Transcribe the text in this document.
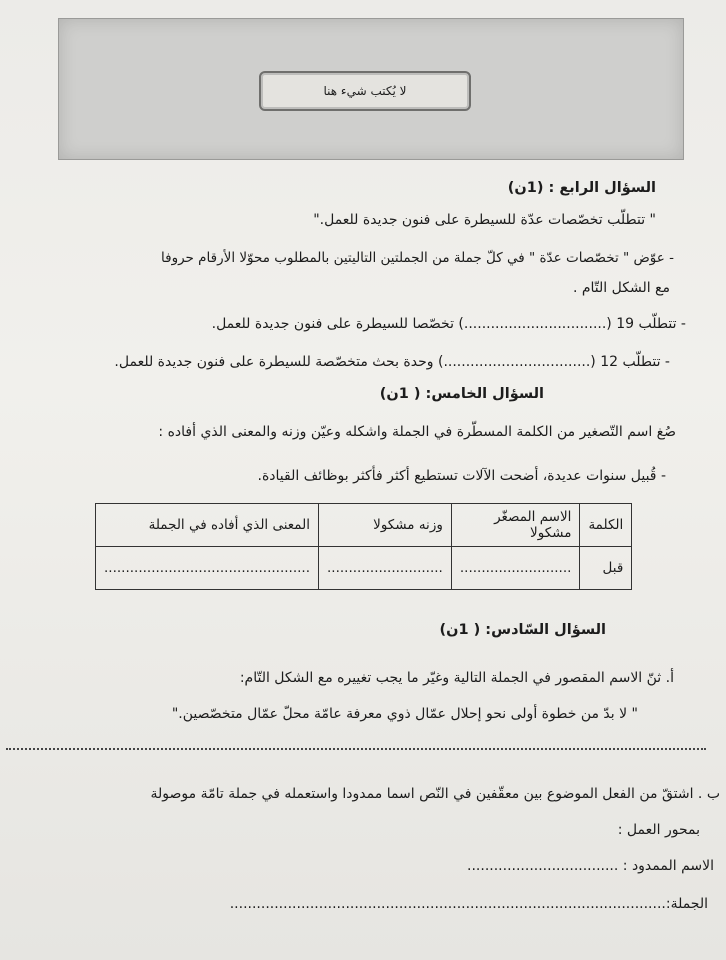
لا يُكتب شيء هنا
السؤال الرابع : (1ن)
" تتطلّب تخصّصات عدّة للسيطرة على فنون جديدة للعمل."
- عوّض " تخصّصات عدّة " في كلّ جملة من الجملتين التاليتين بالمطلوب محوّلا الأرقام حروفا
مع الشكل التّام .
- تتطلّب 19 (................................) تخصّصا للسيطرة على فنون جديدة للعمل.
- تتطلّب 12 (.................................) وحدة بحث متخصّصة للسيطرة على فنون جديدة للعمل.
السؤال الخامس: ( 1ن)
صُغ اسم التّصغير من الكلمة المسطّرة في الجملة واشكله وعيّن وزنه والمعنى الذي أفاده :
- قُبيل سنوات عديدة، أضحت الآلات تستطيع أكثر فأكثر بوظائف القيادة.
الكلمة	الاسم المصغّر مشكولا	وزنه مشكولا	المعنى الذي أفاده في الجملة
قبل	..........................	...........................	................................................
السؤال السّادس: ( 1ن)
أ. ثنّ الاسم المقصور في الجملة التالية وغيّر ما يجب تغييره مع الشكل التّام:
" لا بدّ من خطوة أولى نحو إحلال عمّال ذوي معرفة عامّة محلّ عمّال متخصّصين."
ب . اشتقّ من الفعل الموضوع بين معقّفين في النّص اسما ممدودا واستعمله في جملة تامّة موصولة
بمحور العمل :
الاسم الممدود : ..................................
الجملة:..................................................................................................
